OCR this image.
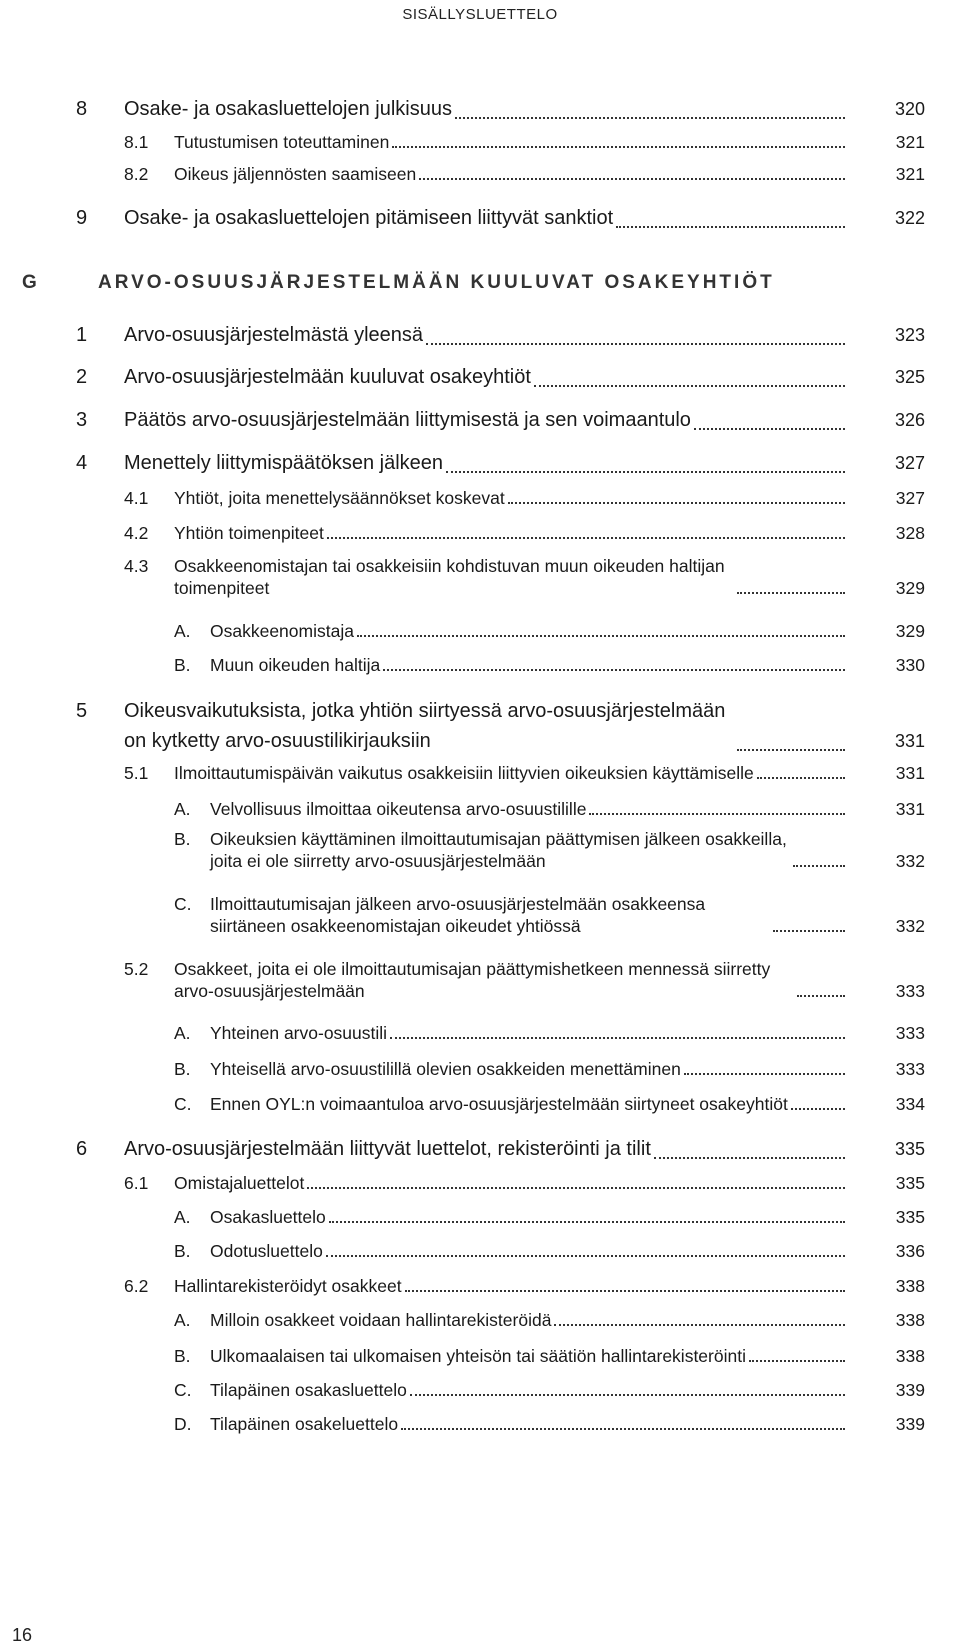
SISÄLLYSLUETTELO
8 Osake- ja osakasluettelojen julkisuus	320
8.1 Tutustumisen toteuttaminen	321
8.2 Oikeus jäljennösten saamiseen	321
9 Osake- ja osakasluettelojen pitämiseen liittyvät sanktiot	322
G	ARVO-OSUUSJÄRJESTELMÄÄN KUULUVAT OSAKEYHTIÖT
1 Arvo-osuusjärjestelmästä yleensä	323
2 Arvo-osuusjärjestelmään kuuluvat osakeyhtiöt	325
3 Päätös arvo-osuusjärjestelmään liittymisestä ja sen voimaantulo	326
4 Menettely liittymispäätöksen jälkeen	327
4.1 Yhtiöt, joita menettelysäännökset koskevat	327
4.2 Yhtiön toimenpiteet	328
4.3 Osakkeenomistajan tai osakkeisiin kohdistuvan muun oikeuden haltijan toimenpiteet	329
A. Osakkeenomistaja	329
B. Muun oikeuden haltija	330
5 Oikeusvaikutuksista, jotka yhtiön siirtyessä arvo-osuusjärjestelmään on kytketty arvo-osuustilikirjauksiin	331
5.1 Ilmoittautumispäivän vaikutus osakkeisiin liittyvien oikeuksien käyttämiselle	331
A. Velvollisuus ilmoittaa oikeutensa arvo-osuustilille	331
B. Oikeuksien käyttäminen ilmoittautumisajan päättymisen jälkeen osakkeilla, joita ei ole siirretty arvo-osuusjärjestelmään	332
C. Ilmoittautumisajan jälkeen arvo-osuusjärjestelmään osakkeensa siirtäneen osakkeenomistajan oikeudet yhtiössä	332
5.2 Osakkeet, joita ei ole ilmoittautumisajan päättymishetkeen mennessä siirretty arvo-osuusjärjestelmään	333
A. Yhteinen arvo-osuustili	333
B. Yhteisellä arvo-osuustilillä olevien osakkeiden menettäminen	333
C. Ennen OYL:n voimaantuloa arvo-osuusjärjestelmään siirtyneet osakeyhtiöt	334
6 Arvo-osuusjärjestelmään liittyvät luettelot, rekisteröinti ja tilit	335
6.1 Omistajaluettelot	335
A. Osakasluettelo	335
B. Odotusluettelo	336
6.2 Hallintarekisteröidyt osakkeet	338
A. Milloin osakkeet voidaan hallintarekisteröidä	338
B. Ulkomaalaisen tai ulkomaisen yhteisön tai säätiön hallintarekisteröinti	338
C. Tilapäinen osakasluettelo	339
D. Tilapäinen osakeluettelo	339
16
